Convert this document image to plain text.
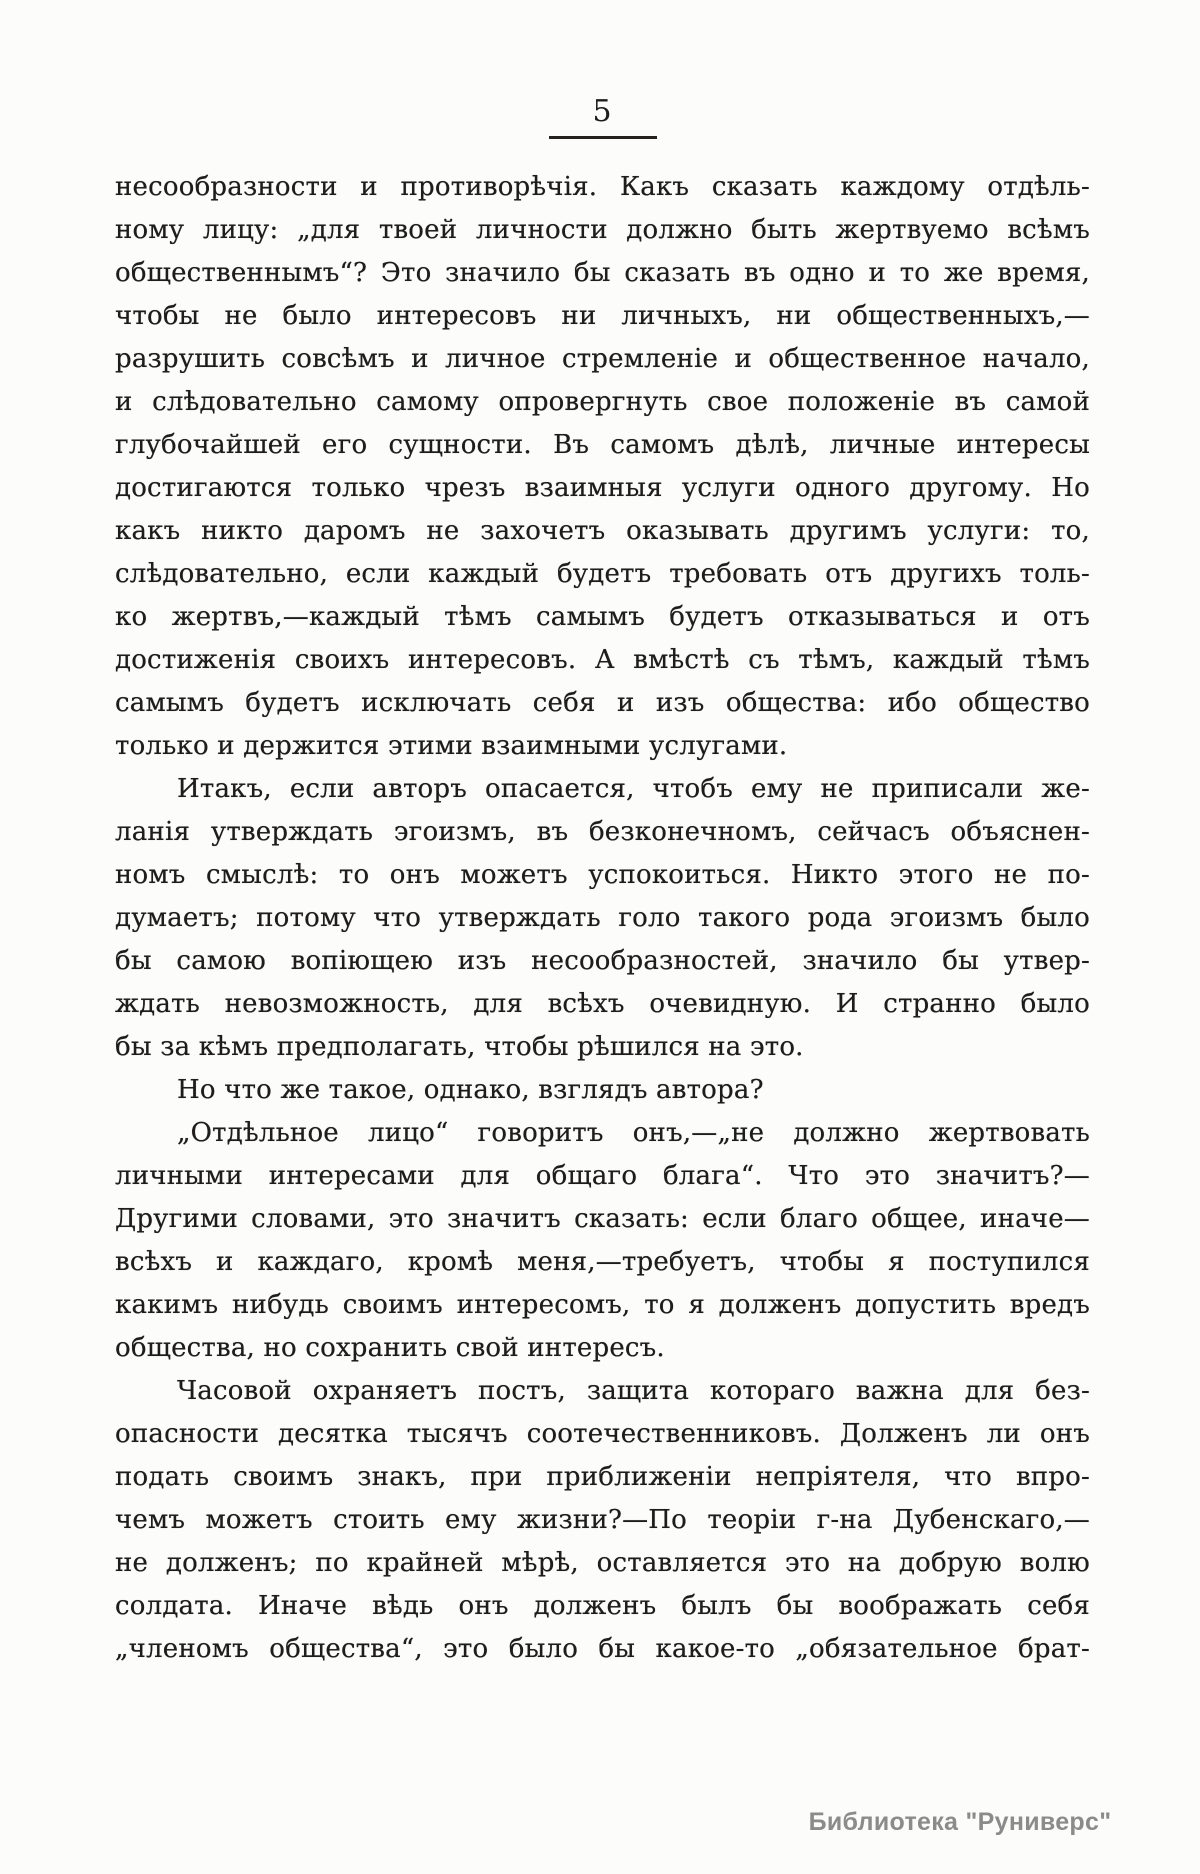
5
несообразности и противорѣчія. Какъ сказать каждому отдѣль-
ному лицу: „для твоей личности должно быть жертвуемо всѣмъ
общественнымъ“? Это значило бы сказать въ одно и то же время,
чтобы не было интересовъ ни личныхъ, ни общественныхъ,—
разрушить совсѣмъ и личное стремленіе и общественное начало,
и слѣдовательно самому опровергнуть свое положеніе въ самой
глубочайшей его сущности. Въ самомъ дѣлѣ, личные интересы
достигаются только чрезъ взаимныя услуги одного другому. Но
какъ никто даромъ не захочетъ оказывать другимъ услуги: то,
слѣдовательно, если каждый будетъ требовать отъ другихъ толь-
ко жертвъ,—каждый тѣмъ самымъ будетъ отказываться и отъ
достиженія своихъ интересовъ. А вмѣстѣ съ тѣмъ, каждый тѣмъ
самымъ будетъ исключать себя и изъ общества: ибо общество
только и держится этими взаимными услугами.
Итакъ, если авторъ опасается, чтобъ ему не приписали же-
ланія утверждать эгоизмъ, въ безконечномъ, сейчасъ объяснен-
номъ смыслѣ: то онъ можетъ успокоиться. Никто этого не по-
думаетъ; потому что утверждать голо такого рода эгоизмъ было
бы самою вопіющею изъ несообразностей, значило бы утвер-
ждать невозможность, для всѣхъ очевидную. И странно было
бы за кѣмъ предполагать, чтобы рѣшился на это.
Но что же такое, однако, взглядъ автора?
„Отдѣльное лицо“ говоритъ онъ,—„не должно жертвовать
личными интересами для общаго блага“. Что это значитъ?—
Другими словами, это значитъ сказать: если благо общее, иначе—
всѣхъ и каждаго, кромѣ меня,—требуетъ, чтобы я поступился
какимъ нибудь своимъ интересомъ, то я долженъ допустить вредъ
общества, но сохранить свой интересъ.
Часовой охраняетъ постъ, защита котораго важна для без-
опасности десятка тысячъ соотечественниковъ. Долженъ ли онъ
подать своимъ знакъ, при приближеніи непріятеля, что впро-
чемъ можетъ стоить ему жизни?—По теоріи г-на Дубенскаго,—
не долженъ; по крайней мѣрѣ, оставляется это на добрую волю
солдата. Иначе вѣдь онъ долженъ былъ бы воображать себя
„членомъ общества“, это было бы какое-то „обязательное брат-
Библиотека "Руниверс"
